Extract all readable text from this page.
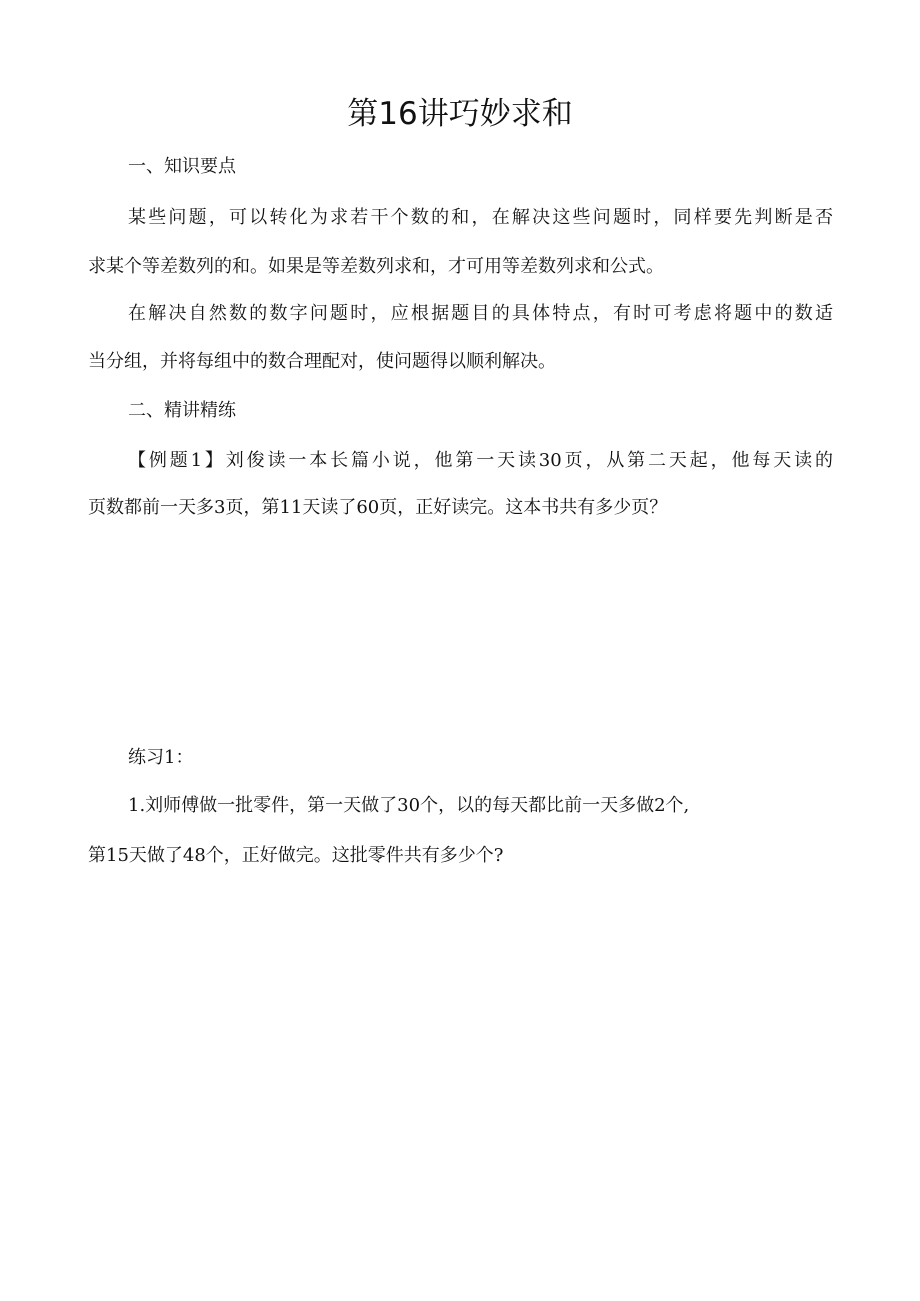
第16讲巧妙求和
一、知识要点
某些问题，可以转化为求若干个数的和，在解决这些问题时，同样要先判断是否
求某个等差数列的和。如果是等差数列求和，才可用等差数列求和公式。
在解决自然数的数字问题时，应根据题目的具体特点，有时可考虑将题中的数适
当分组，并将每组中的数合理配对，使问题得以顺利解决。
二、精讲精练
【例题1】刘俊读一本长篇小说，他第一天读30页，从第二天起，他每天读的
页数都前一天多3页，第11天读了60页，正好读完。这本书共有多少页？
练习1：
1.刘师傅做一批零件，第一天做了30个，以的每天都比前一天多做2个,
第15天做了48个，正好做完。这批零件共有多少个?
